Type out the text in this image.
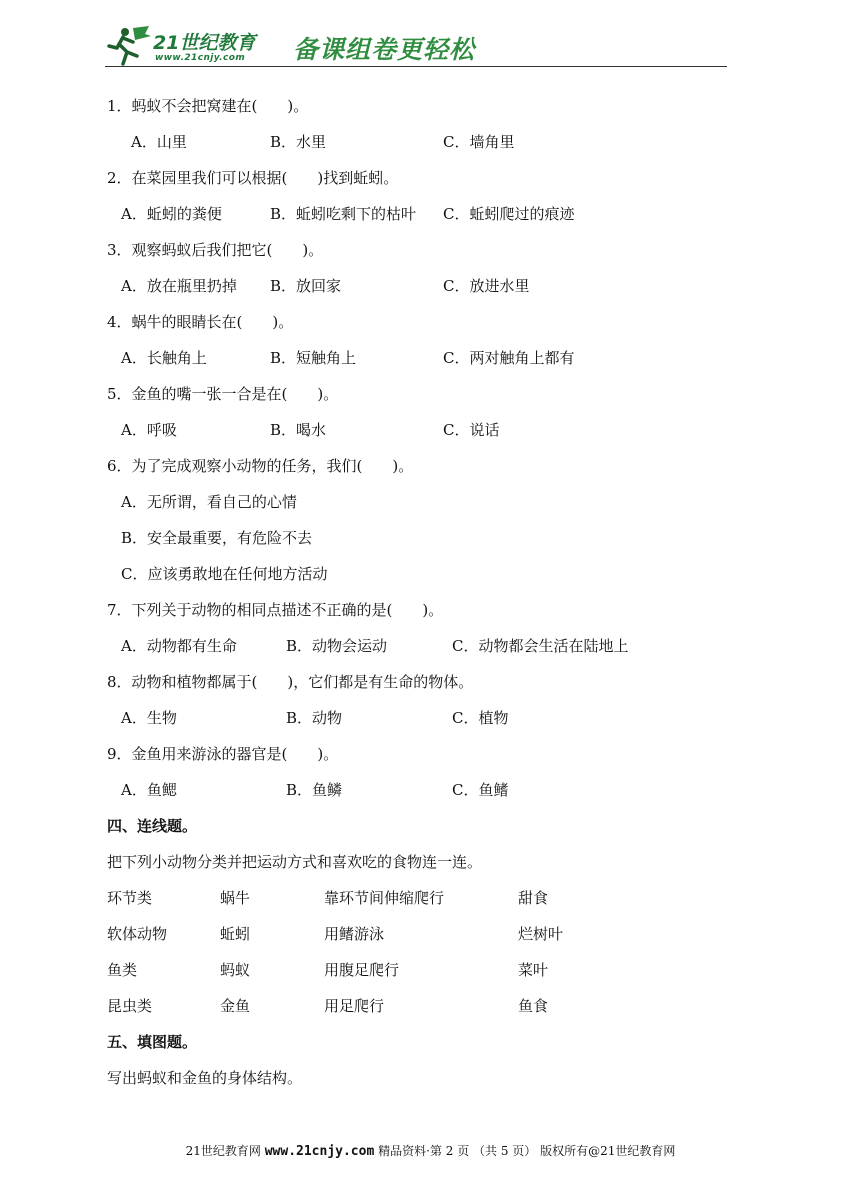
21世纪教育
www.21cnjy.com 备课组卷更轻松
1．蚂蚁不会把窝建在(　　)。
A．山里	B．水里	C．墙角里
2．在菜园里我们可以根据(　　)找到蚯蚓。
A．蚯蚓的粪便	B．蚯蚓吃剩下的枯叶 C．蚯蚓爬过的痕迹
3．观察蚂蚁后我们把它(　　)。
A．放在瓶里扔掉 B．放回家	C．放进水里
4．蜗牛的眼睛长在(　　)。
A．长触角上	B．短触角上	C．两对触角上都有
5．金鱼的嘴一张一合是在(　　)。
A．呼吸	B．喝水	C．说话
6．为了完成观察小动物的任务，我们(　　)。
A．无所谓，看自己的心情
B．安全最重要，有危险不去
C．应该勇敢地在任何地方活动
7．下列关于动物的相同点描述不正确的是(　　)。
A．动物都有生命	B．动物会运动	C．动物都会生活在陆地上
8．动物和植物都属于(　　)，它们都是有生命的物体。
A．生物	B．动物	C．植物
9．金鱼用来游泳的器官是(　　)。
A．鱼鳃	B．鱼鳞	C．鱼鳍
四、连线题。
把下列小动物分类并把运动方式和喜欢吃的食物连一连。
环节类	蜗牛	靠环节间伸缩爬行	甜食
软体动物	蚯蚓	用鳍游泳	烂树叶
鱼类	蚂蚁	用腹足爬行	菜叶
昆虫类	金鱼	用足爬行	鱼食
五、填图题。
写出蚂蚁和金鱼的身体结构。
21世纪教育网 www.21cnjy.com 精品资料·第 2 页 （共 5 页） 版权所有@21世纪教育网
